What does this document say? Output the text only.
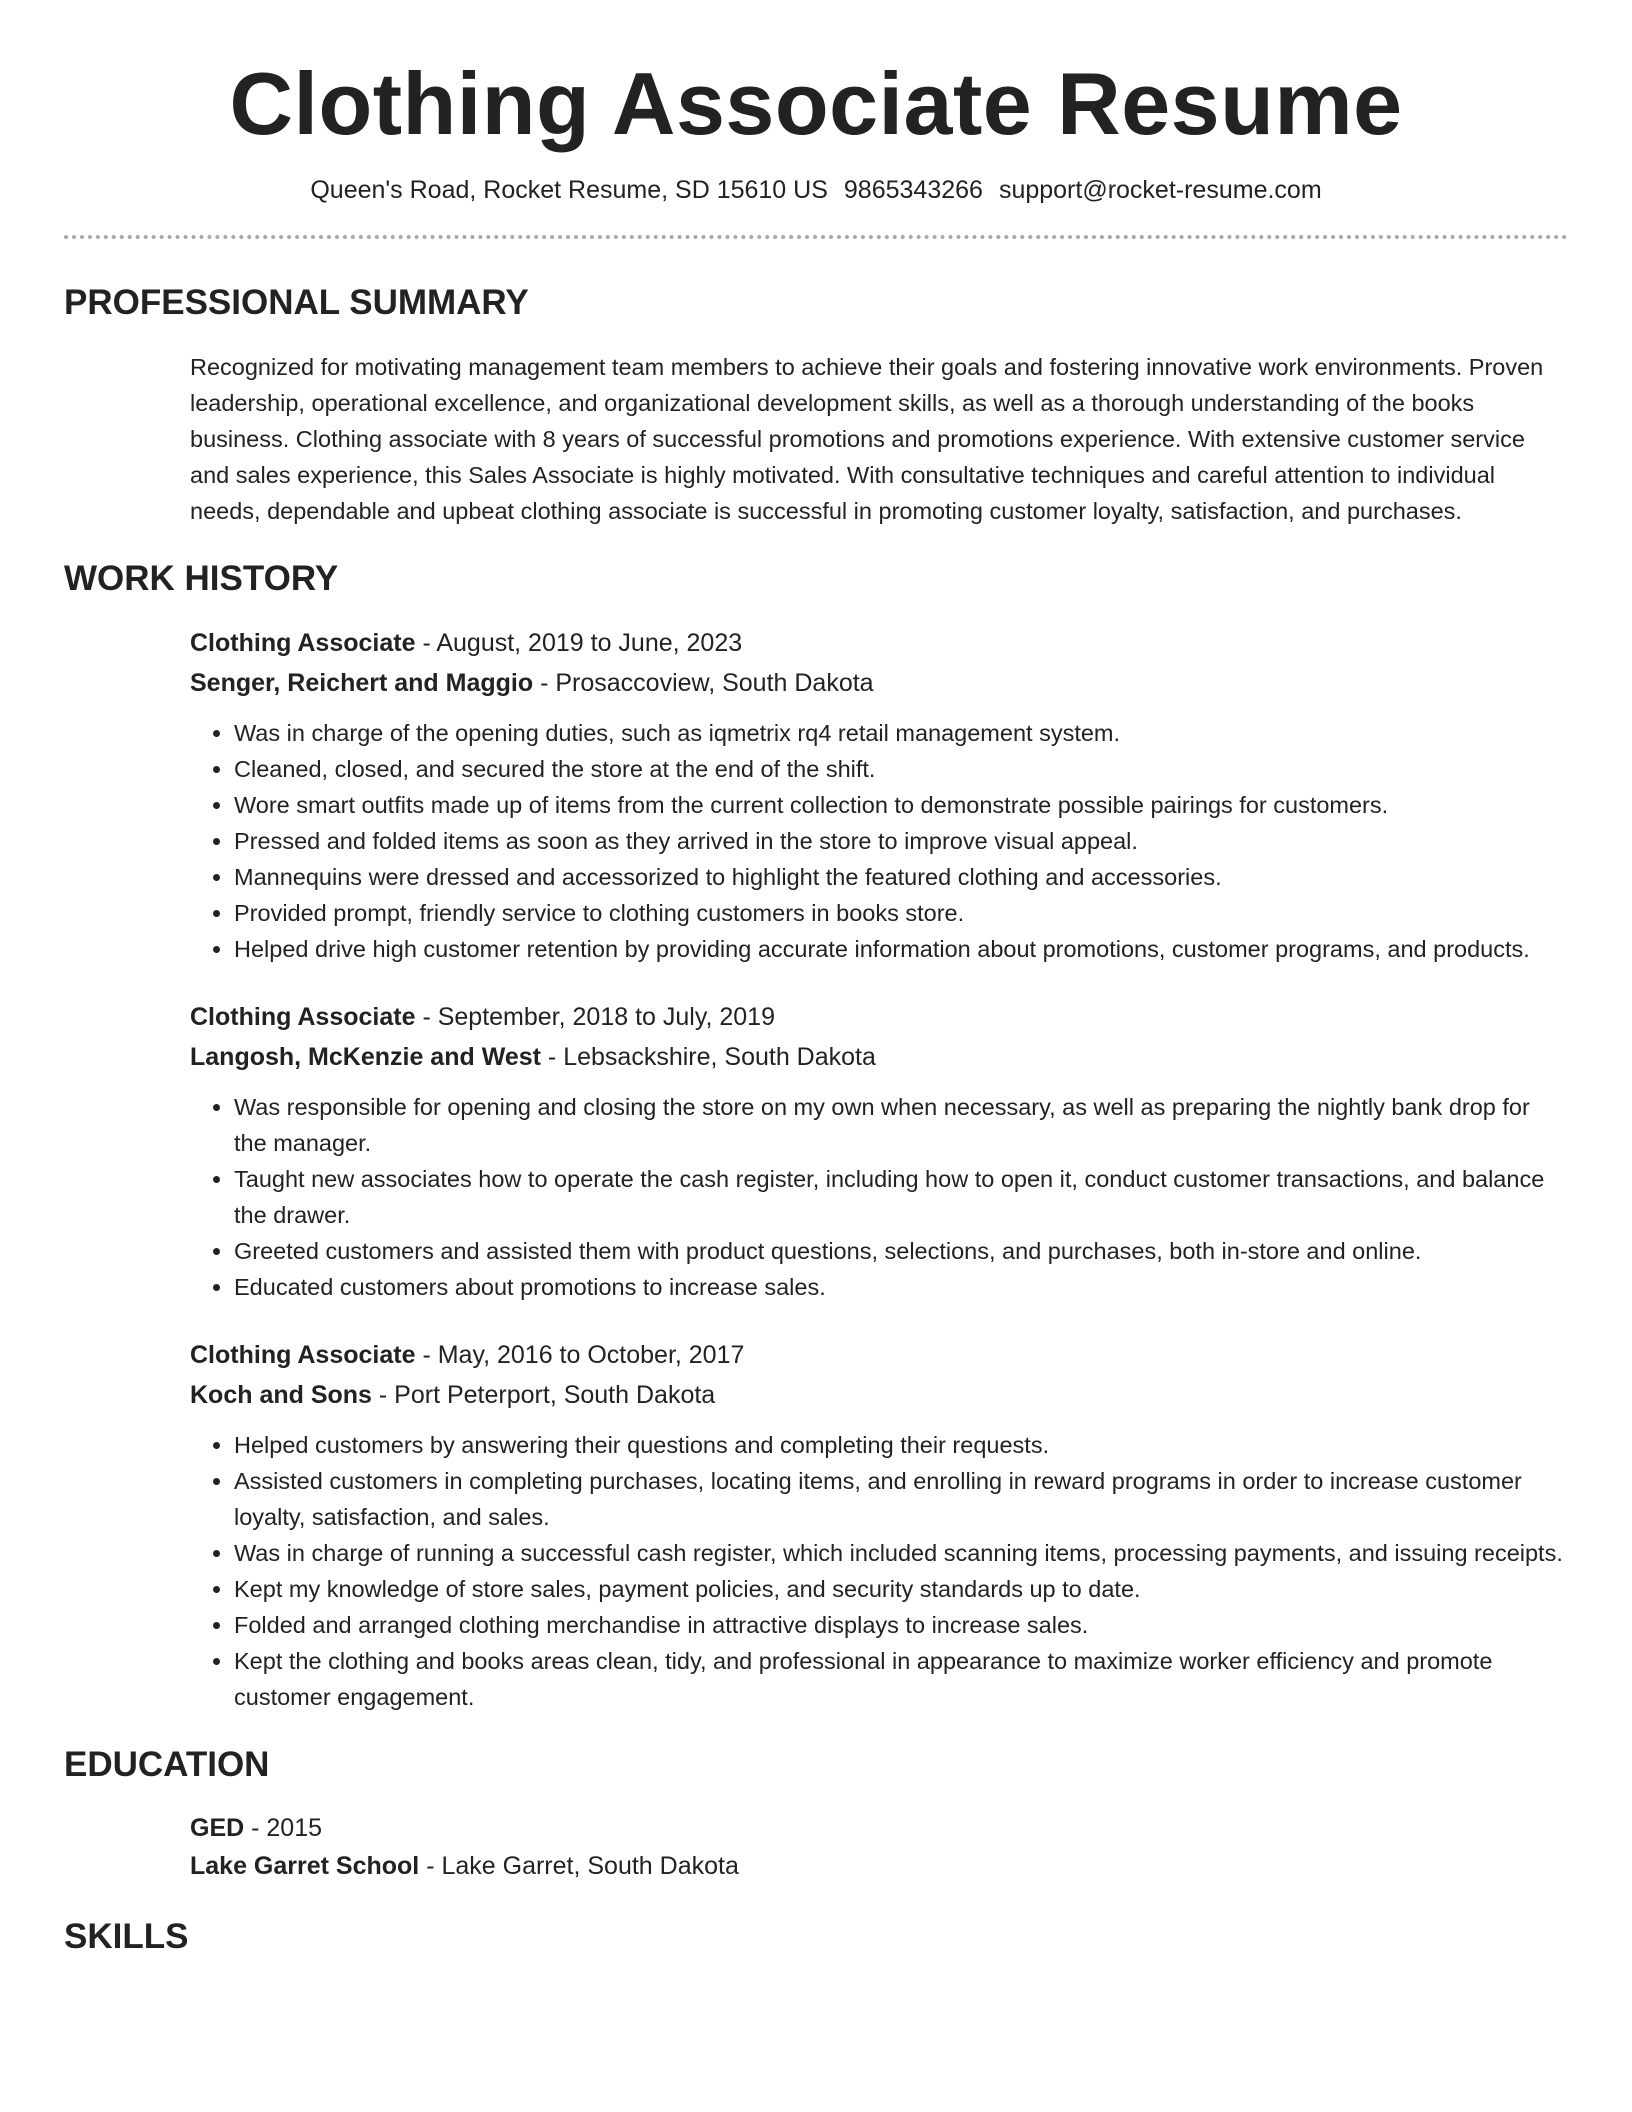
Clothing Associate Resume
Queen's Road, Rocket Resume, SD 15610 US 9865343266 support@rocket-resume.com
PROFESSIONAL SUMMARY

Recognized for motivating management team members to achieve their goals and fostering innovative work environments. Proven leadership, operational excellence, and organizational development skills, as well as a thorough understanding of the books business. Clothing associate with 8 years of successful promotions and promotions experience. With extensive customer service and sales experience, this Sales Associate is highly motivated. With consultative techniques and careful attention to individual needs, dependable and upbeat clothing associate is successful in promoting customer loyalty, satisfaction, and purchases.

WORK HISTORY
Clothing Associate - August, 2019 to June, 2023
Senger, Reichert and Maggio - Prosaccoview, South Dakota
• Was in charge of the opening duties, such as iqmetrix rq4 retail management system.
• Cleaned, closed, and secured the store at the end of the shift.
• Wore smart outfits made up of items from the current collection to demonstrate possible pairings for customers.
• Pressed and folded items as soon as they arrived in the store to improve visual appeal.
• Mannequins were dressed and accessorized to highlight the featured clothing and accessories.
• Provided prompt, friendly service to clothing customers in books store.
• Helped drive high customer retention by providing accurate information about promotions, customer programs, and products.
Clothing Associate - September, 2018 to July, 2019
Langosh, McKenzie and West - Lebsackshire, South Dakota
• Was responsible for opening and closing the store on my own when necessary, as well as preparing the nightly bank drop for the manager.
• Taught new associates how to operate the cash register, including how to open it, conduct customer transactions, and balance the drawer.
• Greeted customers and assisted them with product questions, selections, and purchases, both in-store and online.
• Educated customers about promotions to increase sales.
Clothing Associate - May, 2016 to October, 2017
Koch and Sons - Port Peterport, South Dakota
• Helped customers by answering their questions and completing their requests.
• Assisted customers in completing purchases, locating items, and enrolling in reward programs in order to increase customer loyalty, satisfaction, and sales.
• Was in charge of running a successful cash register, which included scanning items, processing payments, and issuing receipts.
• Kept my knowledge of store sales, payment policies, and security standards up to date.
• Folded and arranged clothing merchandise in attractive displays to increase sales.
• Kept the clothing and books areas clean, tidy, and professional in appearance to maximize worker efficiency and promote customer engagement.
EDUCATION
GED - 2015
Lake Garret School - Lake Garret, South Dakota
SKILLS
